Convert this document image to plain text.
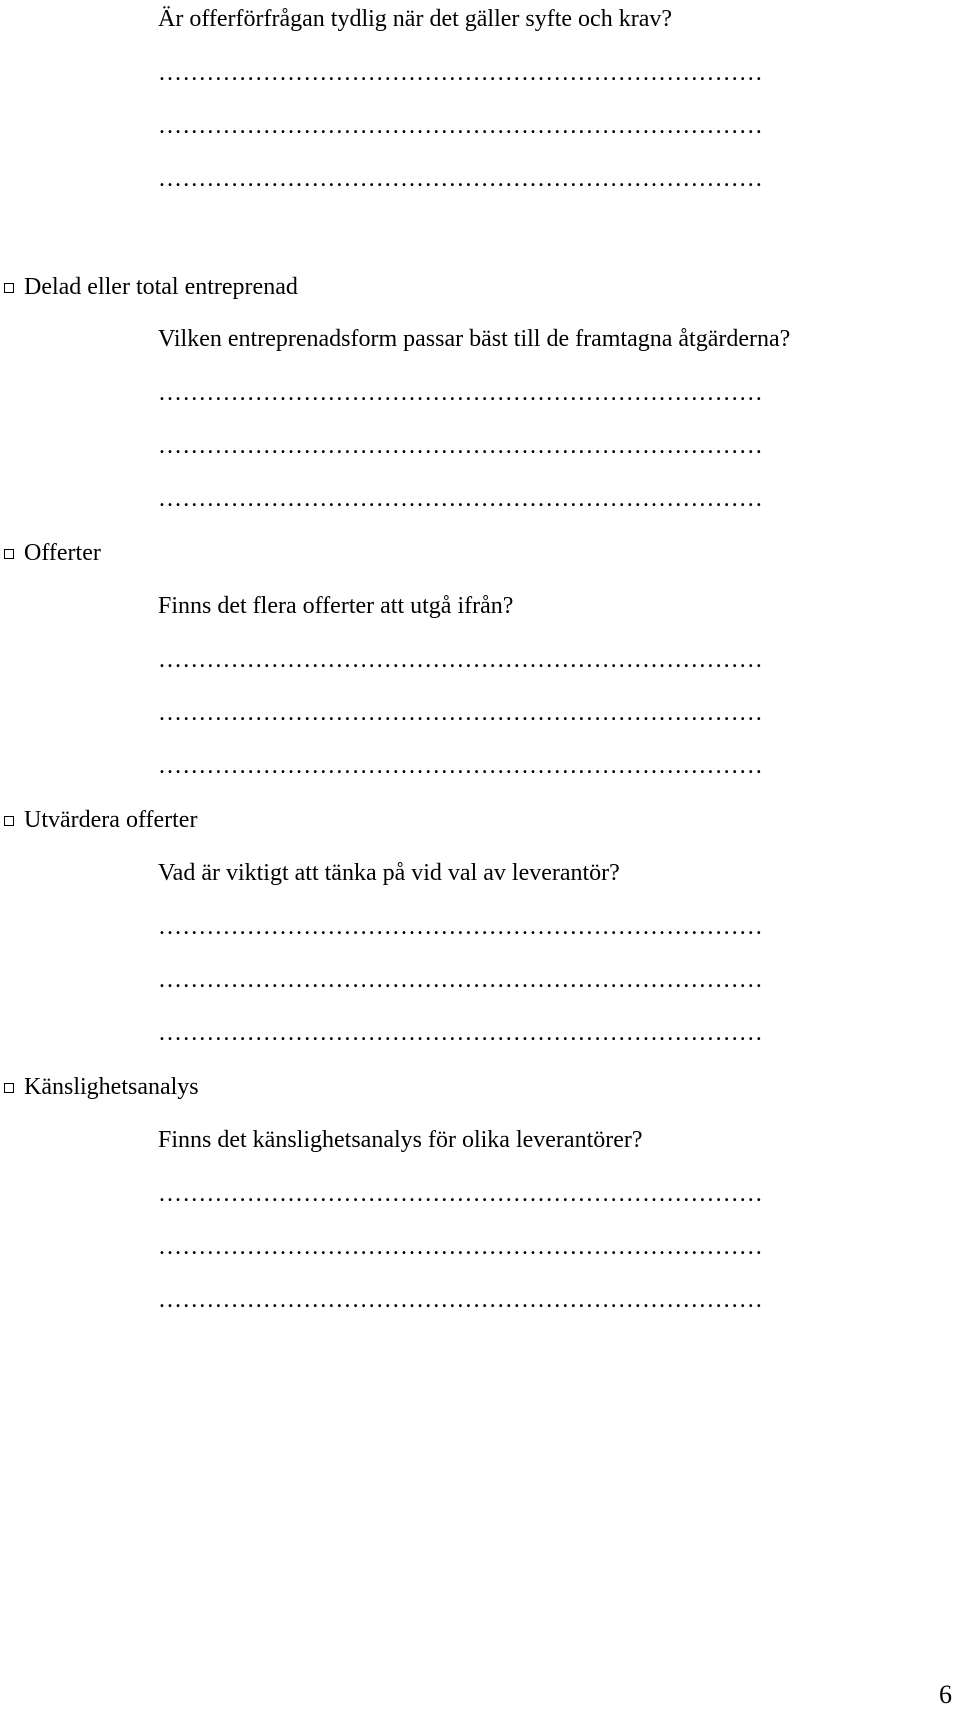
Är offerförfrågan tydlig när det gäller syfte och krav?
…………………………………………………………………
…………………………………………………………………
…………………………………………………………………
Delad eller total entreprenad
Vilken entreprenadsform passar bäst till de framtagna åtgärderna?
…………………………………………………………………
…………………………………………………………………
…………………………………………………………………
Offerter
Finns det flera offerter att utgå ifrån?
…………………………………………………………………
…………………………………………………………………
…………………………………………………………………
Utvärdera offerter
Vad är viktigt att tänka på vid val av leverantör?
…………………………………………………………………
…………………………………………………………………
…………………………………………………………………
Känslighetsanalys
Finns det känslighetsanalys för olika leverantörer?
…………………………………………………………………
…………………………………………………………………
…………………………………………………………………
6
